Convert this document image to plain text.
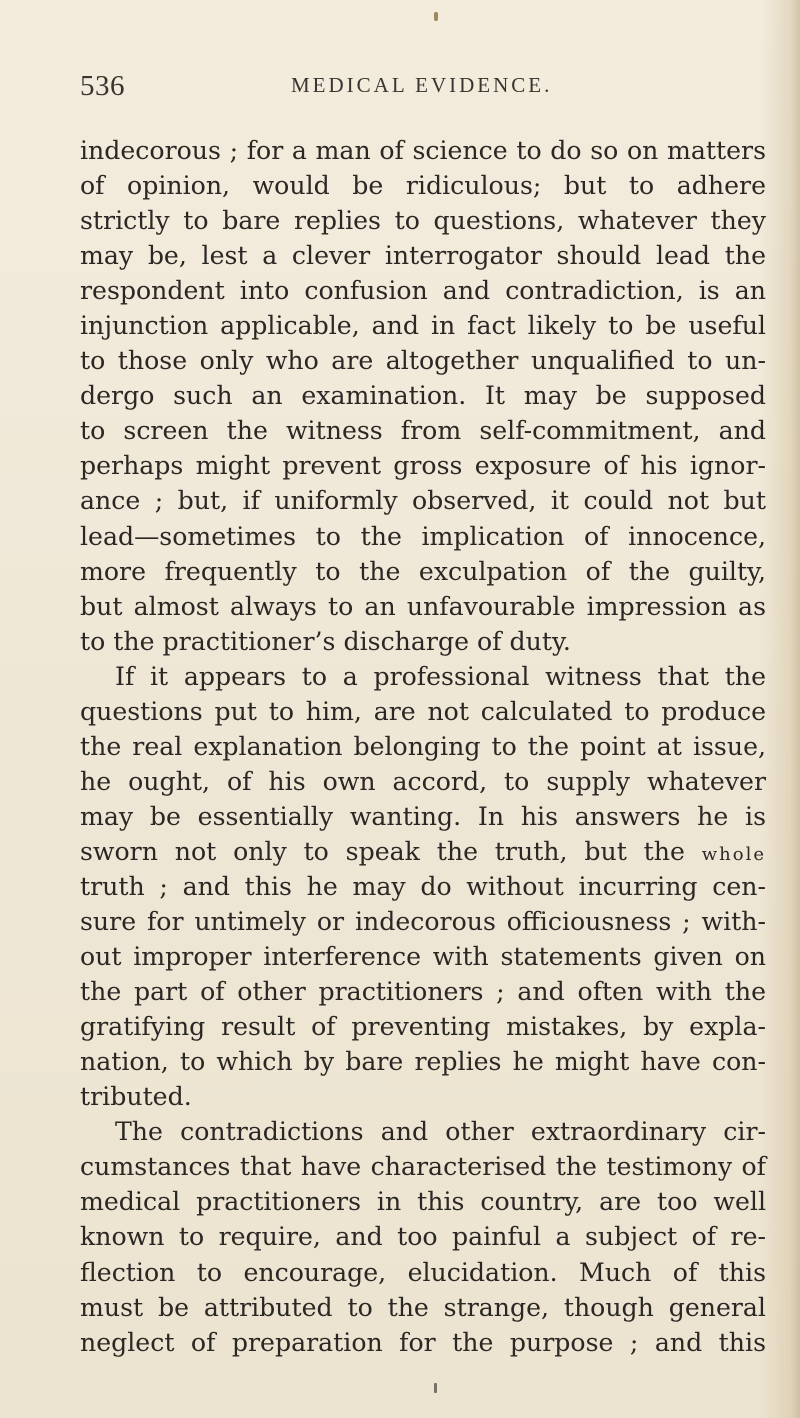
536	MEDICAL EVIDENCE.
indecorous ; for a man of science to do so on matters
of opinion, would be ridiculous; but to adhere
strictly to bare replies to questions, whatever they
may be, lest a clever interrogator should lead the
respondent into confusion and contradiction, is an
injunction applicable, and in fact likely to be useful
to those only who are altogether unqualified to un-
dergo such an examination. It may be supposed
to screen the witness from self-commitment, and
perhaps might prevent gross exposure of his ignor-
ance ; but, if uniformly observed, it could not but
lead—sometimes to the implication of innocence,
more frequently to the exculpation of the guilty,
but almost always to an unfavourable impression as
to the practitioner’s discharge of duty.
If it appears to a professional witness that the
questions put to him, are not calculated to produce
the real explanation belonging to the point at issue,
he ought, of his own accord, to supply whatever
may be essentially wanting. In his answers he is
sworn not only to speak the truth, but the whole
truth ; and this he may do without incurring cen-
sure for untimely or indecorous officiousness ; with-
out improper interference with statements given on
the part of other practitioners ; and often with the
gratifying result of preventing mistakes, by expla-
nation, to which by bare replies he might have con-
tributed.
The contradictions and other extraordinary cir-
cumstances that have characterised the testimony of
medical practitioners in this country, are too well
known to require, and too painful a subject of re-
flection to encourage, elucidation. Much of this
must be attributed to the strange, though general
neglect of preparation for the purpose ; and this
